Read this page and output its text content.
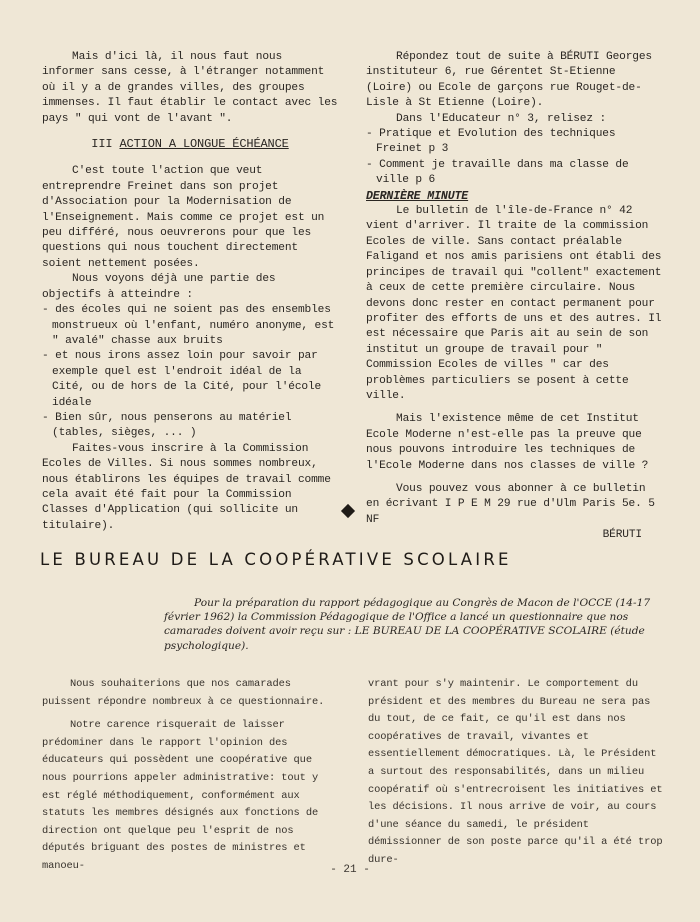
Mais d'ici là, il nous faut nous informer sans cesse, à l'étranger notamment où il y a de grandes villes, des groupes immenses. Il faut établir le contact avec les pays " qui vont de l'avant ".

III ACTION A LONGUE ÉCHÉANCE

C'est toute l'action que veut entreprendre Freinet dans son projet d'Association pour la Modernisation de l'Enseignement. Mais comme ce projet est un peu différé, nous oeuvrerons pour que les questions qui nous touchent directement soient nettement posées.

Nous voyons déjà une partie des objectifs à atteindre :

- des écoles qui ne soient pas des ensembles monstrueux où l'enfant, numéro anonyme, est " avalé" chasse aux bruits

- et nous irons assez loin pour savoir par exemple quel est l'endroit idéal de la Cité, ou de hors de la Cité, pour l'école idéale

- Bien sûr, nous penserons au matériel (tables, sièges, ... )

Faites-vous inscrire à la Commission Ecoles de Villes. Si nous sommes nombreux, nous établirons les équipes de travail comme cela avait été fait pour la Commission Classes d'Application (qui sollicite un titulaire).

Répondez tout de suite à BÉRUTI Georges instituteur 6, rue Gérentet St-Etienne (Loire) ou Ecole de garçons rue Rouget-de-Lisle à St Etienne (Loire).

Dans l'Educateur n° 3, relisez :

- Pratique et Evolution des techniques Freinet p 3

- Comment je travaille dans ma classe de ville p 6

DERNIÈRE MINUTE

Le bulletin de l'île-de-France n° 42 vient d'arriver. Il traite de la commission Ecoles de ville. Sans contact préalable Faligand et nos amis parisiens ont établi des principes de travail qui "collent" exactement à ceux de cette première circulaire. Nous devons donc rester en contact permanent pour profiter des efforts de uns et des autres. Il est nécessaire que Paris ait au sein de son institut un groupe de travail pour " Commission Ecoles de villes " car des problèmes particuliers se posent à cette ville.

Mais l'existence même de cet Institut Ecole Moderne n'est-elle pas la preuve que nous pouvons introduire les techniques de l'Ecole Moderne dans nos classes de ville ?

Vous pouvez vous abonner à ce bulletin en écrivant I P E M 29 rue d'Ulm Paris 5e. 5 NF

BÉRUTI

LE BUREAU DE LA COOPÉRATIVE SCOLAIRE

Pour la préparation du rapport pédagogique au Congrès de Macon de l'OCCE (14-17 février 1962) la Commission Pédagogique de l'Office a lancé un questionnaire que nos camarades doivent avoir reçu sur : LE BUREAU DE LA COOPÉRATIVE SCOLAIRE (étude psychologique).

Nous souhaiterions que nos camarades puissent répondre nombreux à ce questionnaire.

Notre carence risquerait de laisser prédominer dans le rapport l'opinion des éducateurs qui possèdent une coopérative que nous pourrions appeler administrative: tout y est réglé méthodiquement, conformément aux statuts les membres désignés aux fonctions de direction ont quelque peu l'esprit de nos députés briguant des postes de ministres et manoeu-

vrant pour s'y maintenir. Le comportement du président et des membres du Bureau ne sera pas du tout, de ce fait, ce qu'il est dans nos coopératives de travail, vivantes et essentiellement démocratiques. Là, le Président a surtout des responsabilités, dans un milieu coopératif où s'entrecroisent les initiatives et les décisions. Il nous arrive de voir, au cours d'une séance du samedi, le président démissionner de son poste parce qu'il a été trop dure-

- 21 -
